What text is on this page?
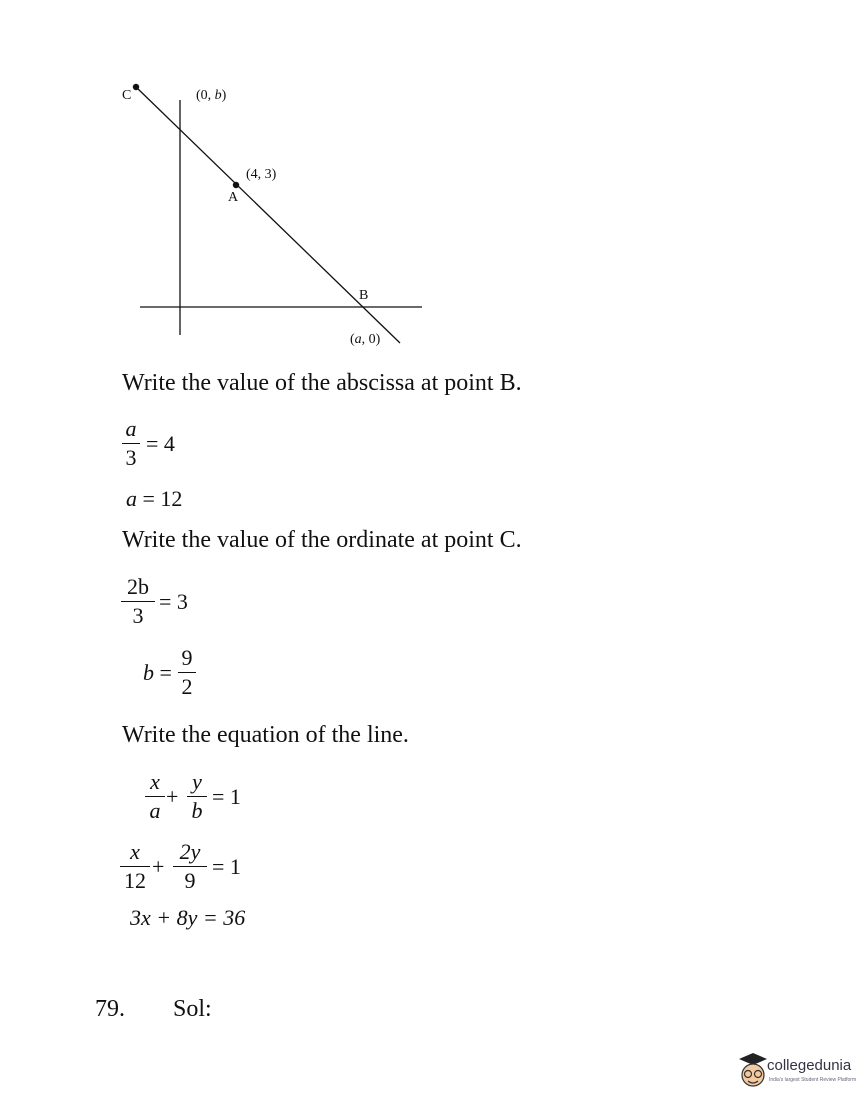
C	(0, b)
(4, 3)
A
B
(a, 0)
Write the value of the abscissa at point B.
a
3
= 4
a = 12
Write the value of the ordinate at point C.
2b
3
= 3
b =
9
2
Write the equation of the line.
x
a
+
y
b
= 1
x
12
+
2y
9
= 1
3x + 8y = 36
79. Sol:
collegedunia
India's largest Student Review Platform
